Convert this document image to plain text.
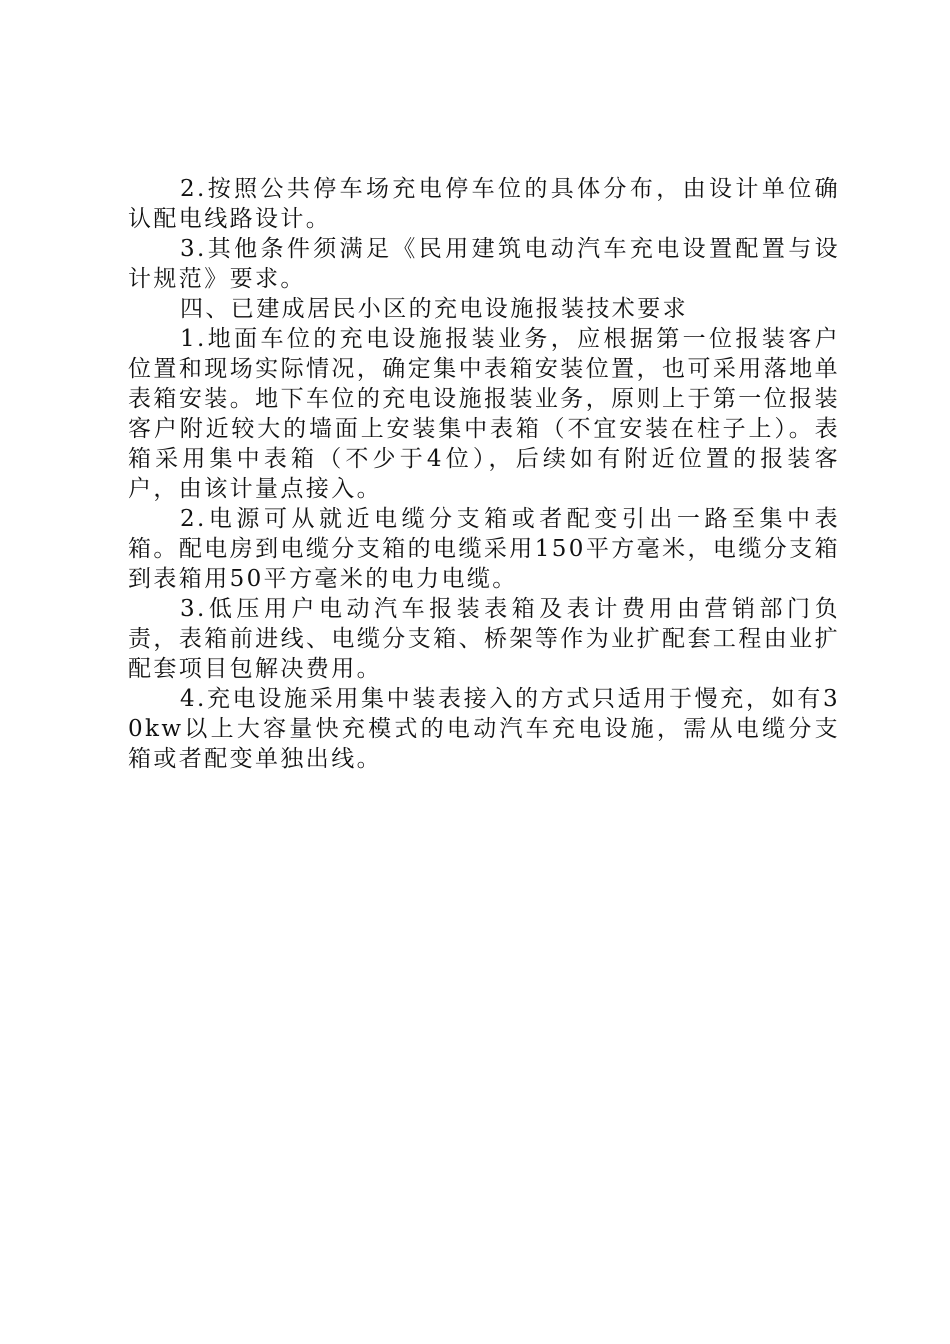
2.按照公共停车场充电停车位的具体分布，由设计单位确认配电线路设计。

3.其他条件须满足《民用建筑电动汽车充电设置配置与设计规范》要求。

四、已建成居民小区的充电设施报装技术要求

1.地面车位的充电设施报装业务，应根据第一位报装客户位置和现场实际情况，确定集中表箱安装位置，也可采用落地单表箱安装。地下车位的充电设施报装业务，原则上于第一位报装客户附近较大的墙面上安装集中表箱（不宜安装在柱子上）。表箱采用集中表箱（不少于4位），后续如有附近位置的报装客户，由该计量点接入。

2.电源可从就近电缆分支箱或者配变引出一路至集中表箱。配电房到电缆分支箱的电缆采用150平方毫米，电缆分支箱到表箱用50平方毫米的电力电缆。

3.低压用户电动汽车报装表箱及表计费用由营销部门负责，表箱前进线、电缆分支箱、桥架等作为业扩配套工程由业扩配套项目包解决费用。

4.充电设施采用集中装表接入的方式只适用于慢充，如有30kw以上大容量快充模式的电动汽车充电设施，需从电缆分支箱或者配变单独出线。
